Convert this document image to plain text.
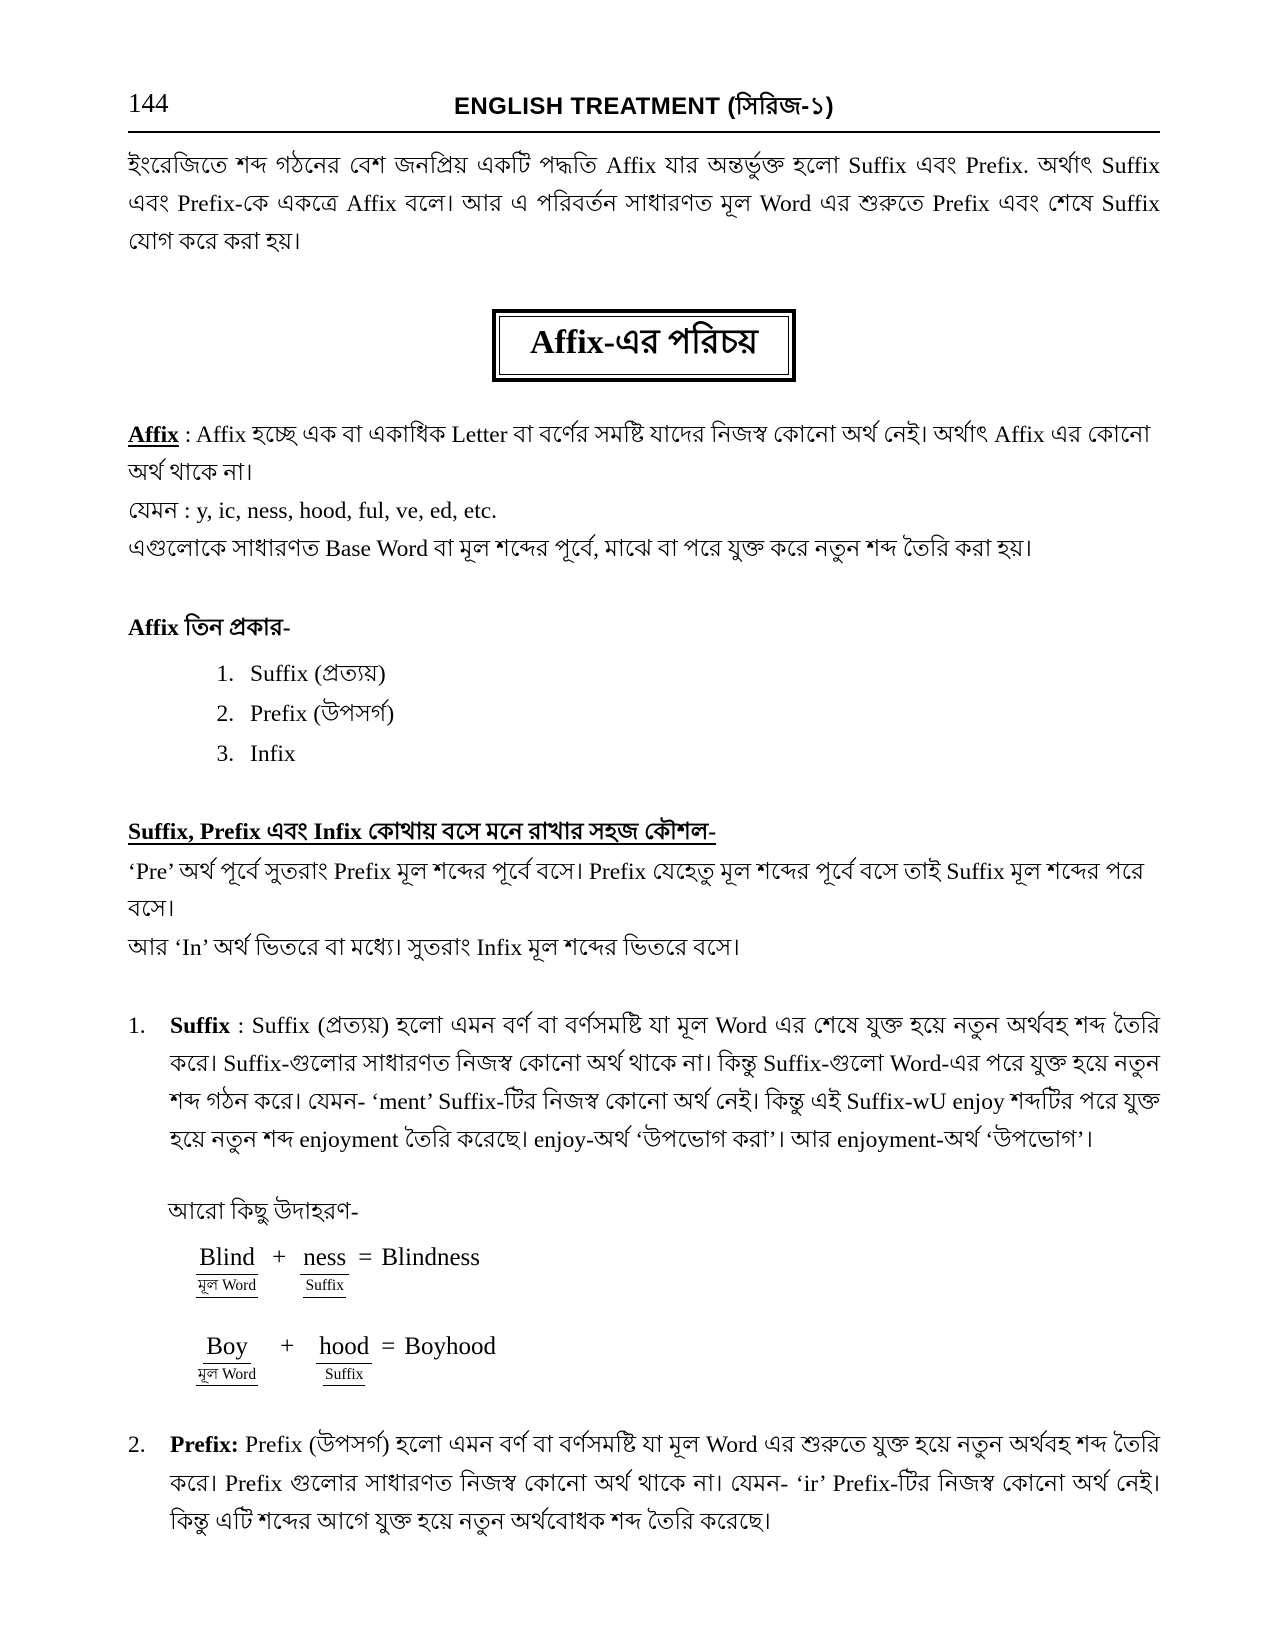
144	ENGLISH TREATMENT (সিরিজ-১)

ইংরেজিতে শব্দ গঠনের বেশ জনপ্রিয় একটি পদ্ধতি Affix যার অন্তর্ভুক্ত হলো Suffix এবং Prefix. অর্থাৎ Suffix এবং Prefix-কে একত্রে Affix বলে। আর এ পরিবর্তন সাধারণত মূল Word এর শুরুতে Prefix এবং শেষে Suffix যোগ করে করা হয়।

Affix-এর পরিচয়
Affix : Affix হচ্ছে এক বা একাধিক Letter বা বর্ণের সমষ্টি যাদের নিজস্ব কোনো অর্থ নেই। অর্থাৎ Affix এর কোনো অর্থ থাকে না।
যেমন : y, ic, ness, hood, ful, ve, ed, etc.
এগুলোকে সাধারণত Base Word বা মূল শব্দের পূর্বে, মাঝে বা পরে যুক্ত করে নতুন শব্দ তৈরি করা হয়।
Affix তিন প্রকার-
1. Suffix (প্রত্যয়)
2. Prefix (উপসর্গ)
3. Infix
Suffix, Prefix এবং Infix কোথায় বসে মনে রাখার সহজ কৌশল-
‘Pre’ অর্থ পূর্বে সুতরাং Prefix মূল শব্দের পূর্বে বসে। Prefix যেহেতু মূল শব্দের পূর্বে বসে তাই Suffix মূল শব্দের পরে বসে।
আর ‘In’ অর্থ ভিতরে বা মধ্যে। সুতরাং Infix মূল শব্দের ভিতরে বসে।
1.	Suffix : Suffix (প্রত্যয়) হলো এমন বর্ণ বা বর্ণসমষ্টি যা মূল Word এর শেষে যুক্ত হয়ে নতুন অর্থবহ শব্দ তৈরি করে। Suffix-গুলোর সাধারণত নিজস্ব কোনো অর্থ থাকে না। কিন্তু Suffix-গুলো Word-এর পরে যুক্ত হয়ে নতুন শব্দ গঠন করে। যেমন- ‘ment’ Suffix-টির নিজস্ব কোনো অর্থ নেই। কিন্তু এই Suffix-wU enjoy শব্দটির পরে যুক্ত হয়ে নতুন শব্দ enjoyment তৈরি করেছে। enjoy-অর্থ ‘উপভোগ করা’। আর enjoyment-অর্থ ‘উপভোগ’।
আরো কিছু উদাহরণ-
Blind
মূল Word
+ ness
Suffix
= Blindness
Boy
মূল Word
+	hood
Suffix
= Boyhood
2.	Prefix: Prefix (উপসর্গ) হলো এমন বর্ণ বা বর্ণসমষ্টি যা মূল Word এর শুরুতে যুক্ত হয়ে নতুন অর্থবহ শব্দ তৈরি করে। Prefix গুলোর সাধারণত নিজস্ব কোনো অর্থ থাকে না। যেমন- ‘ir’ Prefix-টির নিজস্ব কোনো অর্থ নেই। কিন্তু এটি শব্দের আগে যুক্ত হয়ে নতুন অর্থবোধক শব্দ তৈরি করেছে।
